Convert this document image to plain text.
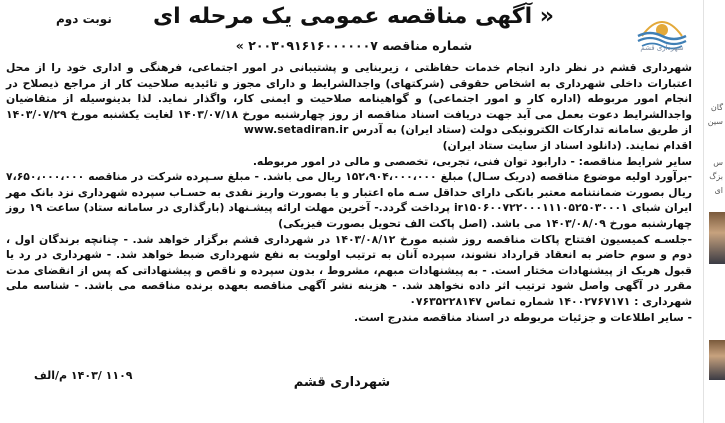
گان
سین
س
بزگ
ای
شهرداری قشم
« آگهی مناقصه عمومی یک مرحله ای
نوبت دوم
شماره مناقصه ۲۰۰۳۰۹۱۶۱۶۰۰۰۰۰۰۷ »

شهرداری قشم در نظر دارد انجام خدمات حفاظتی ، زیربنایی و پشتیبانی در امور اجتماعی، فرهنگی و اداری خود را از محل اعتبارات داخلی شهرداری به اشخاص حقوقی (شرکتهای) واجدالشرایط و دارای مجوز و تائیدیه صلاحیت کار از مراجع ذیصلاح در انجام امور مربوطه (اداره کار و امور اجتماعی) و گواهینامه صلاحیت و ایمنی کار، واگذار نماید. لذا بدینوسیله از متقاضیان واجدالشرایط دعوت بعمل می آید جهت دریافت اسناد مناقصه از روز چهارشنبه مورخ ۱۴۰۳/۰۷/۱۸ لغایت یکشنبه مورخ ۱۴۰۳/۰۷/۲۹ از طریق سامانه تدارکات الکترونیکی دولت (ستاد ایران) به آدرس www.setadiran.ir

اقدام نمایند. (دانلود اسناد از سایت ستاد ایران)

سایر شرایط مناقصه: - دارابود توان فنی، تجربی، تخصصی و مالی در امور مربوطه.

-برآورد اولیه موضوع مناقصه (دریک سـال) مبلغ ۱۵۲،۹۰۴،۰۰۰،۰۰۰ ریال می باشد. - مبلغ سـپرده شرکت در مناقصه ۷،۶۵۰،۰۰۰،۰۰۰ ریال بصورت ضمانتنامه معتبر بانکی دارای حداقل سـه ماه اعتبار و یا بصورت واریز نقدی به حسـاب سپرده شهرداری نزد بانک مهر ایران شبای ir۱۵۰۶۰۰۷۲۲۰۰۰۱۱۱۰۵۲۵۰۳۰۰۰۱ پرداخت گردد.- آخرین مهلت ارائه پیشـنهاد (بارگذاری در سامانه ستاد) ساعت ۱۹ روز چهارشنبه مورخ ۱۴۰۳/۰۸/۰۹ می باشد. (اصل پاکت الف تحویل بصورت فیزیکی)

-جلسـه کمیسیون افتتاح پاکات مناقصه روز شنبه مورخ ۱۴۰۳/۰۸/۱۲ در شهرداری قشم برگزار خواهد شد. - چنانچه برندگان اول ، دوم و سوم حاضر به انعقاد قرارداد نشوند، سپرده آنان به ترتیب اولویت به نفع شهرداری ضبط خواهد شد. - شهرداری در رد یا قبول هریک از پیشنهادات مختار است. - به پیشنهادات مبهم، مشروط ، بدون سپرده و ناقص و پیشنهاداتی که پس از انقضای مدت مقرر در آگهی واصل شود ترتیب اثر داده نخواهد شد. - هزینه نشر آگهی مناقصه بعهده برنده مناقصه می باشد. - شناسه ملی شهرداری : ۱۴۰۰۲۷۶۷۱۷۱ شماره تماس ۰۷۶۳۵۲۲۸۱۴۷

- سایر اطلاعات و جزئیات مربوطه در اسناد مناقصه مندرج است.

شهرداری قشم
۱۱۰۹ /۱۴۰۳ م/الف
